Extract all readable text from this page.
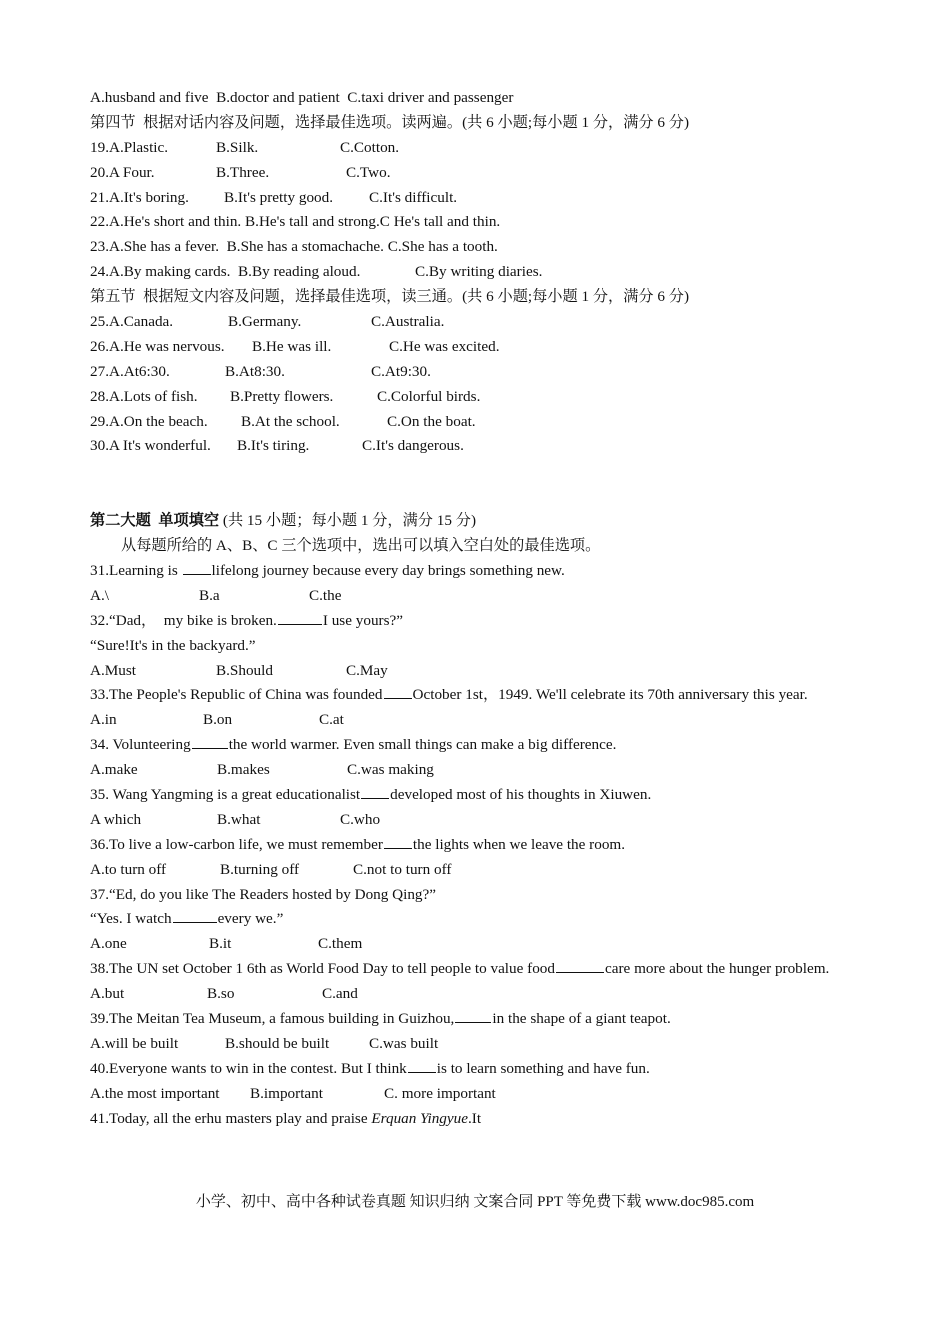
A.husband and five  B.doctor and patient  C.taxi driver and passenger
第四节  根据对话内容及问题，选择最佳选项。读两遍。(共 6 小题;每小题 1 分，满分 6 分)
19.A.Plastic.	B.Silk.	C.Cotton.
20.A Four.	B.Three.	C.Two.
21.A.It's boring.	B.It's pretty good.	C.It's difficult.
22.A.He's short and thin. B.He's tall and strong.C He's tall and thin.
23.A.She has a fever.  B.She has a stomachache. C.She has a tooth.
24.A.By making cards.  B.By reading aloud.	C.By writing diaries.
第五节  根据短文内容及问题，选择最佳选项，读三通。(共 6 小题;每小题 1 分，满分 6 分)
25.A.Canada.	B.Germany.	C.Australia.
26.A.He was nervous.	B.He was ill.	C.He was excited.
27.A.At6:30.	B.At8:30.	C.At9:30.
28.A.Lots of fish.	B.Pretty flowers.	C.Colorful birds.
29.A.On the beach.	B.At the school.	C.On the boat.
30.A It's wonderful.	B.It's tiring.	C.It's dangerous.
第二大题  单项填空 (共 15 小题；每小题 1 分，满分 15 分)
从每题所给的 A、B、C 三个选项中，选出可以填入空白处的最佳选项。
31.Learning is lifelong journey because every day brings something new.
A.\	B.a	C.the
32.“Dad，  my bike is broken.	I use yours?”
“Sure!It's in the backyard.”
A.Must	B.Should	C.May
33.The People's Republic of China was founded October 1st，1949. We'll celebrate its 70th anniversary this year.
A.in	B.on	C.at
34. Volunteering	the world warmer. Even small things can make a big difference.
A.make	B.makes	C.was making
35. Wang Yangming is a great educationalist developed most of his thoughts in Xiuwen.
A which	B.what	C.who
36.To live a low-carbon life, we must remember the lights when we leave the room.
A.to turn off	B.turning off	C.not to turn off
37.“Ed, do you like The Readers hosted by Dong Qing?”
“Yes. I watch	every we.”
A.one	B.it	C.them
38.The UN set October 1 6th as World Food Day to tell people to value food	care more about the hunger problem.
A.but	B.so	C.and
39.The Meitan Tea Museum, a famous building in Guizhou,	in the shape of a giant teapot.
A.will be built	B.should be built	C.was built
40.Everyone wants to win in the contest. But I think is to learn something and have fun.
A.the most important	B.important	C. more important
41.Today, all the erhu masters play and praise Erquan Yingyue.It
小学、初中、高中各种试卷真题 知识归纳 文案合同 PPT 等免费下载 www.doc985.com
